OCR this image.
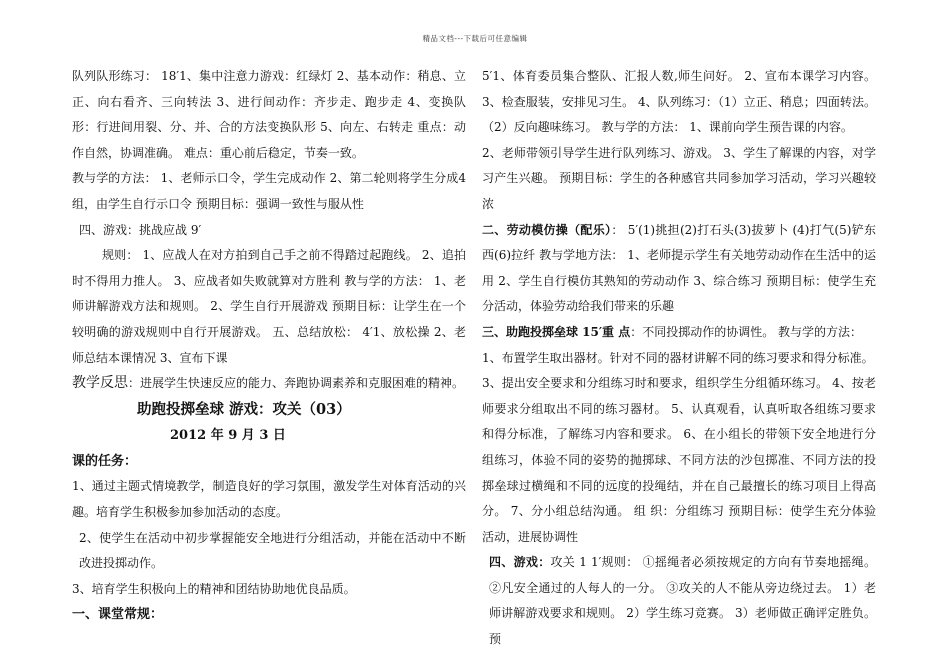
精品文档---下载后可任意编辑

队列队形练习： 18′1、集中注意力游戏：红绿灯 2、基本动作：稍息、立正、向右看齐、三向转法 3、进行间动作：齐步走、跑步走 4、变换队形：行进间用裂、分、并、合的方法变换队形 5、向左、右转走 重点：动作自然，协调准确。 难点：重心前后稳定，节奏一致。

教与学的方法： 1、老师示口令，学生完成动作 2、第二轮则将学生分成4组，由学生自行示口令 预期目标：强调一致性与服从性

四、游戏：挑战应战 9′

规则： 1、应战人在对方拍到自己手之前不得踏过起跑线。 2、追拍时不得用力推人。 3、应战者如失败就算对方胜利 教与学的方法： 1、老师讲解游戏方法和规则。 2、学生自行开展游戏 预期目标：让学生在一个较明确的游戏规则中自行开展游戏。 五、总结放松： 4′1、放松操 2、老师总结本课情况 3、宣布下课

教学反思：进展学生快速反应的能力、奔跑协调素养和克服困难的精神。

助跑投掷垒球 游戏：攻关（03）

2012 年 9 月 3 日

课的任务：

1、通过主题式情境教学，制造良好的学习氛围，激发学生对体育活动的兴趣。培育学生积极参加参加活动的态度。

2、使学生在活动中初步掌握能安全地进行分组活动，并能在活动中不断改进投掷动作。

3、培育学生积极向上的精神和团结协助地优良品质。

一、课堂常规：

5′1、体育委员集合整队、汇报人数,师生问好。 2、宣布本课学习内容。3、检查服装，安排见习生。 4、队列练习：（1）立正、稍息；四面转法。（2）反向趣味练习。 教与学的方法： 1、课前向学生预告课的内容。

2、老师带领引导学生进行队列练习、游戏。 3、学生了解课的内容，对学习产生兴趣。 预期目标：学生的各种感官共同参加学习活动，学习兴趣较浓

二、劳动模仿操（配乐）： 5′(1)挑担(2)打石头(3)拔萝卜 (4)打气(5)铲东西(6)拉纤 教与学地方法： 1、老师提示学生有关地劳动动作在生活中的运用 2、学生自行模仿其熟知的劳动动作 3、综合练习 预期目标：使学生充分活动，体验劳动给我们带来的乐趣

三、助跑投掷垒球 15′重 点：不同投掷动作的协调性。 教与学的方法：

1、布置学生取出器材。针对不同的器材讲解不同的练习要求和得分标准。

3、提出安全要求和分组练习时和要求，组织学生分组循环练习。 4、按老师要求分组取出不同的练习器材。 5、认真观看，认真听取各组练习要求和得分标准，了解练习内容和要求。 6、在小组长的带领下安全地进行分组练习，体验不同的姿势的抛掷球、不同方法的沙包掷准、不同方法的投掷垒球过横绳和不同的远度的投绳结，并在自己最擅长的练习项目上得高分。 7、分小组总结沟通。 组 织：分组练习 预期目标：使学生充分体验活动，进展协调性

四、游戏：攻关 1 1′规则： ①摇绳者必须按规定的方向有节奏地摇绳。②凡安全通过的人每人的一分。 ③攻关的人不能从旁边绕过去。 1）老师讲解游戏要求和规则。 2）学生练习竞赛。 3）老师做正确评定胜负。 预
